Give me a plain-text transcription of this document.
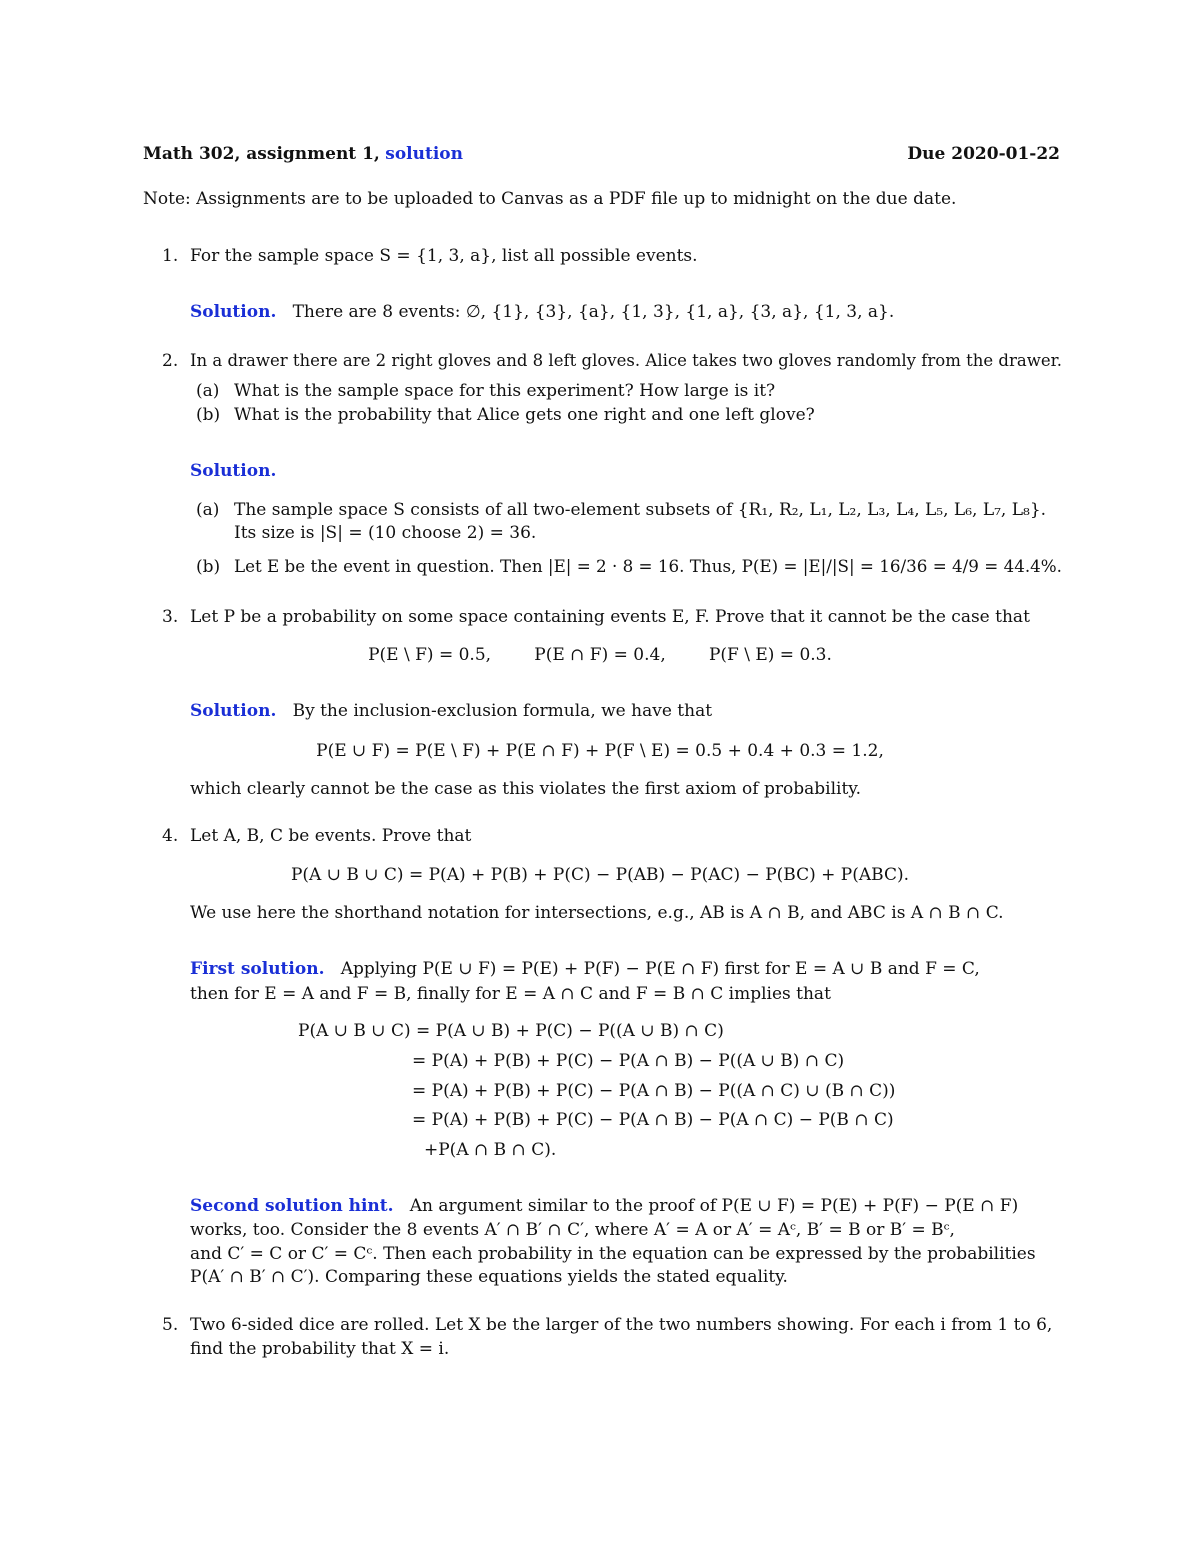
Math 302, assignment 1, solution	Due 2020-01-22
Note: Assignments are to be uploaded to Canvas as a PDF file up to midnight on the due date.
1. For the sample space S = {1, 3, a}, list all possible events.
Solution. There are 8 events: ∅, {1}, {3}, {a}, {1, 3}, {1, a}, {3, a}, {1, 3, a}.
2. In a drawer there are 2 right gloves and 8 left gloves. Alice takes two gloves randomly from the drawer.
(a) What is the sample space for this experiment? How large is it?
(b) What is the probability that Alice gets one right and one left glove?
Solution.
(a) The sample space S consists of all two-element subsets of {R₁, R₂, L₁, L₂, L₃, L₄, L₅, L₆, L₇, L₈}.
Its size is |S| = (10 choose 2) = 36.
(b) Let E be the event in question. Then |E| = 2 · 8 = 16. Thus, P(E) = |E|/|S| = 16/36 = 4/9 = 44.4%.
3. Let P be a probability on some space containing events E, F. Prove that it cannot be the case that
P(E \ F) = 0.5,        P(E ∩ F) = 0.4,        P(F \ E) = 0.3.
Solution. By the inclusion-exclusion formula, we have that
P(E ∪ F) = P(E \ F) + P(E ∩ F) + P(F \ E) = 0.5 + 0.4 + 0.3 = 1.2,
which clearly cannot be the case as this violates the first axiom of probability.
4. Let A, B, C be events. Prove that
P(A ∪ B ∪ C) = P(A) + P(B) + P(C) − P(AB) − P(AC) − P(BC) + P(ABC).
We use here the shorthand notation for intersections, e.g., AB is A ∩ B, and ABC is A ∩ B ∩ C.
First solution. Applying P(E ∪ F) = P(E) + P(F) − P(E ∩ F) first for E = A ∪ B and F = C,
then for E = A and F = B, finally for E = A ∩ C and F = B ∩ C implies that
P(A ∪ B ∪ C) = P(A ∪ B) + P(C) − P((A ∪ B) ∩ C)
= P(A) + P(B) + P(C) − P(A ∩ B) − P((A ∪ B) ∩ C)
= P(A) + P(B) + P(C) − P(A ∩ B) − P((A ∩ C) ∪ (B ∩ C))
= P(A) + P(B) + P(C) − P(A ∩ B) − P(A ∩ C) − P(B ∩ C)
+P(A ∩ B ∩ C).
Second solution hint. An argument similar to the proof of P(E ∪ F) = P(E) + P(F) − P(E ∩ F)
works, too. Consider the 8 events A′ ∩ B′ ∩ C′, where A′ = A or A′ = Aᶜ, B′ = B or B′ = Bᶜ,
and C′ = C or C′ = Cᶜ. Then each probability in the equation can be expressed by the probabilities
P(A′ ∩ B′ ∩ C′). Comparing these equations yields the stated equality.
5. Two 6-sided dice are rolled. Let X be the larger of the two numbers showing. For each i from 1 to 6,
find the probability that X = i.
